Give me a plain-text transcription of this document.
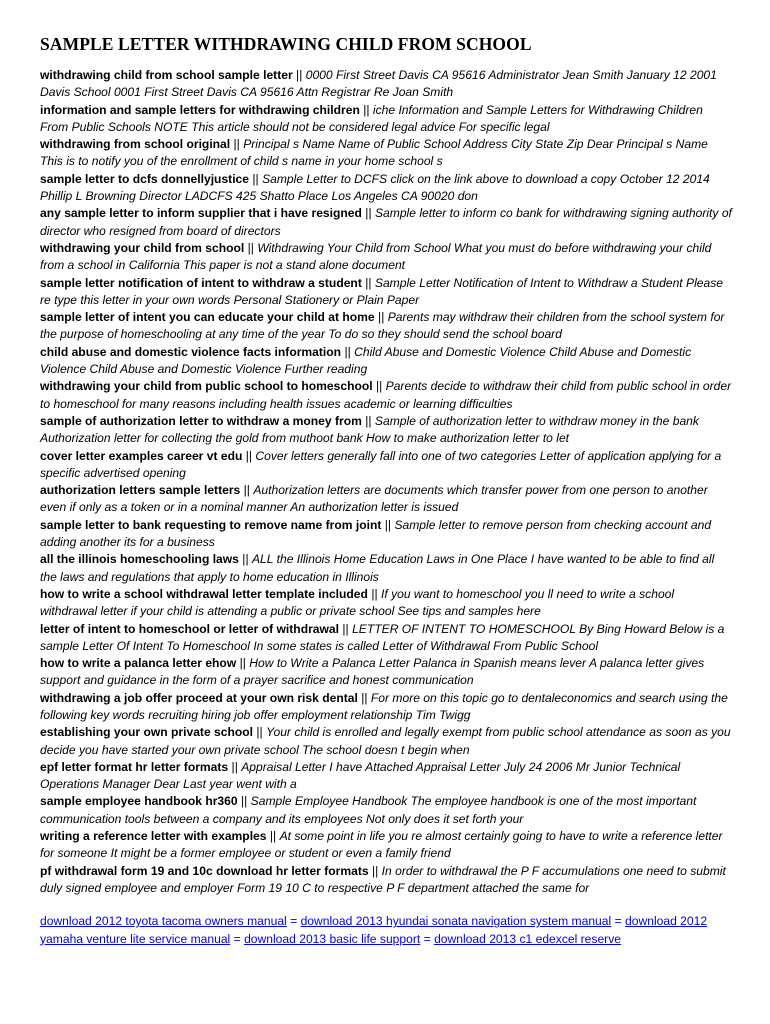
SAMPLE LETTER WITHDRAWING CHILD FROM SCHOOL

withdrawing child from school sample letter || 0000 First Street Davis CA 95616 Administrator Jean Smith January 12 2001 Davis School 0001 First Street Davis CA 95616 Attn Registrar Re Joan Smith

information and sample letters for withdrawing children || iche Information and Sample Letters for Withdrawing Children From Public Schools NOTE This article should not be considered legal advice For specific legal

withdrawing from school original || Principal s Name Name of Public School Address City State Zip Dear Principal s Name This is to notify you of the enrollment of child s name in your home school s

sample letter to dcfs donnellyjustice || Sample Letter to DCFS click on the link above to download a copy October 12 2014 Phillip L Browning Director LADCFS 425 Shatto Place Los Angeles CA 90020 don

any sample letter to inform supplier that i have resigned || Sample letter to inform co bank for withdrawing signing authority of director who resigned from board of directors

withdrawing your child from school || Withdrawing Your Child from School What you must do before withdrawing your child from a school in California This paper is not a stand alone document

sample letter notification of intent to withdraw a student || Sample Letter Notification of Intent to Withdraw a Student Please re type this letter in your own words Personal Stationery or Plain Paper

sample letter of intent you can educate your child at home || Parents may withdraw their children from the school system for the purpose of homeschooling at any time of the year To do so they should send the school board

child abuse and domestic violence facts information || Child Abuse and Domestic Violence Child Abuse and Domestic Violence Child Abuse and Domestic Violence Further reading

withdrawing your child from public school to homeschool || Parents decide to withdraw their child from public school in order to homeschool for many reasons including health issues academic or learning difficulties

sample of authorization letter to withdraw a money from || Sample of authorization letter to withdraw money in the bank Authorization letter for collecting the gold from muthoot bank How to make authorization letter to let

cover letter examples career vt edu || Cover letters generally fall into one of two categories Letter of application applying for a specific advertised opening

authorization letters sample letters || Authorization letters are documents which transfer power from one person to another even if only as a token or in a nominal manner An authorization letter is issued

sample letter to bank requesting to remove name from joint || Sample letter to remove person from checking account and adding another its for a business

all the illinois homeschooling laws || ALL the Illinois Home Education Laws in One Place I have wanted to be able to find all the laws and regulations that apply to home education in Illinois

how to write a school withdrawal letter template included || If you want to homeschool you ll need to write a school withdrawal letter if your child is attending a public or private school See tips and samples here

letter of intent to homeschool or letter of withdrawal || LETTER OF INTENT TO HOMESCHOOL By Bing Howard Below is a sample Letter Of Intent To Homeschool In some states is called Letter of Withdrawal From Public School

how to write a palanca letter ehow || How to Write a Palanca Letter Palanca in Spanish means lever A palanca letter gives support and guidance in the form of a prayer sacrifice and honest communication

withdrawing a job offer proceed at your own risk dental || For more on this topic go to dentaleconomics and search using the following key words recruiting hiring job offer employment relationship Tim Twigg

establishing your own private school || Your child is enrolled and legally exempt from public school attendance as soon as you decide you have started your own private school The school doesn t begin when

epf letter format hr letter formats || Appraisal Letter I have Attached Appraisal Letter July 24 2006 Mr Junior Technical Operations Manager Dear Last year went with a

sample employee handbook hr360 || Sample Employee Handbook The employee handbook is one of the most important communication tools between a company and its employees Not only does it set forth your

writing a reference letter with examples || At some point in life you re almost certainly going to have to write a reference letter for someone It might be a former employee or student or even a family friend

pf withdrawal form 19 and 10c download hr letter formats || In order to withdrawal the P F accumulations one need to submit duly signed employee and employer Form 19 10 C to respective P F department attached the same for

download 2012 toyota tacoma owners manual = download 2013 hyundai sonata navigation system manual = download 2012 yamaha venture lite service manual = download 2013 basic life support = download 2013 c1 edexcel reserve
